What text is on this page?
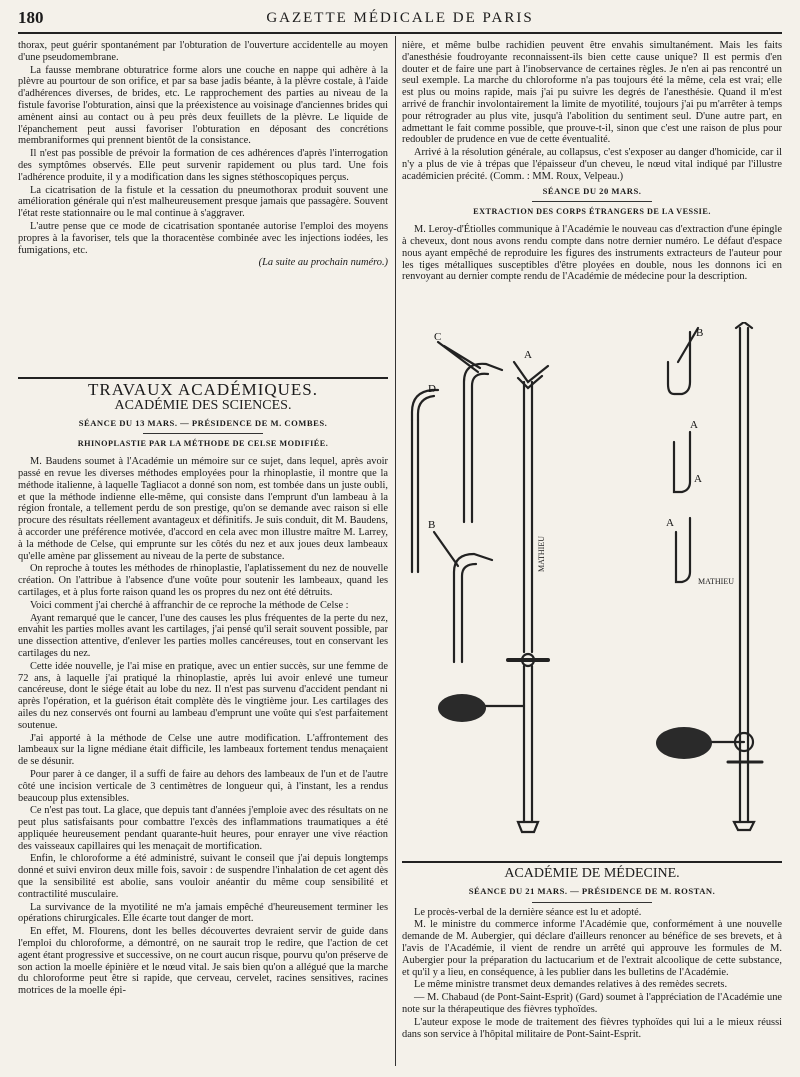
180	GAZETTE MÉDICALE DE PARIS

thorax, peut guérir spontanément par l'obturation de l'ouverture accidentelle au moyen d'une pseudomembrane.

La fausse membrane obturatrice forme alors une couche en nappe qui adhère à la plèvre au pourtour de son orifice, et par sa base jadis béante, à la plèvre costale, à l'aide d'adhérences diverses, de brides, etc. Le rapprochement des parties au niveau de la fistule favorise l'obturation, ainsi que la préexistence au voisinage d'anciennes brides qui amènent ainsi au contact ou à peu près deux feuillets de la plèvre. Le liquide de l'épanchement peut aussi favoriser l'obturation en déposant des concrétions membraniformes qui prennent bientôt de la consistance.

Il n'est pas possible de prévoir la formation de ces adhérences d'après l'interrogation des symptômes observés. Elle peut survenir rapidement ou plus tard. Une fois l'adhérence produite, il y a modification dans les signes stéthoscopiques perçus.

La cicatrisation de la fistule et la cessation du pneumothorax produit souvent une amélioration générale qui n'est malheureusement presque jamais que passagère. Souvent l'état reste stationnaire ou le mal continue à s'aggraver.

L'autre pense que ce mode de cicatrisation spontanée autorise l'emploi des moyens propres à la favoriser, tels que la thoracentèse combinée avec les injections iodées, les fumigations, etc.

(La suite au prochain numéro.)

TRAVAUX ACADÉMIQUES.
ACADÉMIE DES SCIENCES.
SÉANCE DU 13 MARS. — PRÉSIDENCE DE M. COMBES.
RHINOPLASTIE PAR LA MÉTHODE DE CELSE MODIFIÉE.

M. Baudens soumet à l'Académie un mémoire sur ce sujet, dans lequel, après avoir passé en revue les diverses méthodes employées pour la rhinoplastie, il montre que la méthode italienne, à laquelle Tagliacot a donné son nom, est tombée dans un juste oubli, et que la méthode indienne elle-même, qui consiste dans l'emprunt d'un lambeau à la région frontale, a tellement perdu de son prestige, qu'on se demande avec raison si elle procure des résultats réellement avantageux et définitifs. Je suis conduit, dit M. Baudens, à accorder une préférence motivée, d'accord en cela avec mon illustre maître M. Larrey, à la méthode de Celse, qui emprunte sur les côtés du nez et aux joues deux lambeaux qu'elle amène par glissement au niveau de la perte de substance.

On reproche à toutes les méthodes de rhinoplastie, l'aplatissement du nez de nouvelle création. On l'attribue à l'absence d'une voûte pour soutenir les lambeaux, quand les cartilages, et à plus forte raison quand les os propres du nez ont été détruits.

Voici comment j'ai cherché à affranchir de ce reproche la méthode de Celse :

Ayant remarqué que le cancer, l'une des causes les plus fréquentes de la perte du nez, envahit les parties molles avant les cartilages, j'ai pensé qu'il serait souvent possible, par une dissection attentive, d'enlever les parties molles cancéreuses, tout en conservant les cartilages du nez.

Cette idée nouvelle, je l'ai mise en pratique, avec un entier succès, sur une femme de 72 ans, à laquelle j'ai pratiqué la rhinoplastie, après lui avoir enlevé une tumeur cancéreuse, dont le siége était au lobe du nez. Il n'est pas survenu d'accident pendant ni après l'opération, et la guérison était complète dès le vingtième jour. Les cartilages des ailes du nez conservés ont fourni au lambeau d'emprunt une voûte qui s'est parfaitement soutenue.

J'ai apporté à la méthode de Celse une autre modification. L'affrontement des lambeaux sur la ligne médiane était difficile, les lambeaux fortement tendus menaçaient de se désunir.

Pour parer à ce danger, il a suffi de faire au dehors des lambeaux de l'un et de l'autre côté une incision verticale de 3 centimètres de longueur qui, à l'instant, les a rendus beaucoup plus extensibles.

Ce n'est pas tout. La glace, que depuis tant d'années j'emploie avec des résultats on ne peut plus satisfaisants pour combattre l'excès des inflammations traumatiques a été appliquée heureusement pendant quarante-huit heures, pour enrayer une vive réaction des vaisseaux capillaires qui les menaçait de mortification.

Enfin, le chloroforme a été administré, suivant le conseil que j'ai depuis longtemps donné et suivi environ deux mille fois, savoir : de suspendre l'inhalation de cet agent dès que la sensibilité est abolie, sans vouloir anéantir du même coup sensibilité et contractilité musculaire.

La survivance de la myotilité ne m'a jamais empêché d'heureusement terminer les opérations chirurgicales. Elle écarte tout danger de mort.

En effet, M. Flourens, dont les belles découvertes devraient servir de guide dans l'emploi du chloroforme, a démontré, on ne saurait trop le redire, que l'action de cet agent étant progressive et successive, on ne court aucun risque, pourvu qu'on préserve de son action la moelle épinière et le nœud vital. Je sais bien qu'on a allégué que la marche du chloroforme peut être si rapide, que cerveau, cervelet, racines sensitives, racines motrices de la moelle épi-

nière, et même bulbe rachidien peuvent être envahis simultanément. Mais les faits d'anesthésie foudroyante reconnaissent-ils bien cette cause unique? Il est permis d'en douter et de faire une part à l'inobservance de certaines règles. Je n'en ai pas rencontré un seul exemple. La marche du chloroforme n'a pas toujours été la même, cela est vrai; elle est plus ou moins rapide, mais j'ai pu suivre les degrés de l'anesthésie. Quand il m'est arrivé de franchir involontairement la limite de myotilité, toujours j'ai pu m'arrêter à temps pour rétrograder au plus vite, jusqu'à l'abolition du sentiment seul. D'une autre part, en admettant le fait comme possible, que prouve-t-il, sinon que c'est une raison de plus pour redoubler de prudence en vue de cette éventualité.

Arrivé à la résolution générale, au collapsus, c'est s'exposer au danger d'homicide, car il n'y a plus de vie à trépas que l'épaisseur d'un cheveu, le nœud vital indiqué par l'illustre académicien précité. (Comm. : MM. Roux, Velpeau.)

SÉANCE DU 20 MARS.
EXTRACTION DES CORPS ÉTRANGERS DE LA VESSIE.

M. Leroy-d'Étiolles communique à l'Académie le nouveau cas d'extraction d'une épingle à cheveux, dont nous avons rendu compte dans notre dernier numéro. Le défaut d'espace nous ayant empêché de reproduire les figures des instruments extracteurs de l'auteur pour les tiges métalliques susceptibles d'être ployées en double, nous les donnons ici en renvoyant au dernier compte rendu de l'Académie de médecine pour la description.

D
C
A
B
B
A
A
A
MATHIEU
MATHIEU
ACADÉMIE DE MÉDECINE.
SÉANCE DU 21 MARS. — PRÉSIDENCE DE M. ROSTAN.

Le procès-verbal de la dernière séance est lu et adopté.

M. le ministre du commerce informe l'Académie que, conformément à une nouvelle demande de M. Aubergier, qui déclare d'ailleurs renoncer au bénéfice de ses brevets, et à l'avis de l'Académie, il vient de rendre un arrêté qui approuve les formules de M. Aubergier pour la préparation du lactucarium et de l'extrait alcoolique de cette substance, et qu'il y a lieu, en conséquence, à les publier dans les bulletins de l'Académie.

Le même ministre transmet deux demandes relatives à des remèdes secrets.

— M. Chabaud (de Pont-Saint-Esprit) (Gard) soumet à l'appréciation de l'Académie une note sur la thérapeutique des fièvres typhoïdes.

L'auteur expose le mode de traitement des fièvres typhoïdes qui lui a le mieux réussi dans son service à l'hôpital militaire de Pont-Saint-Esprit.
